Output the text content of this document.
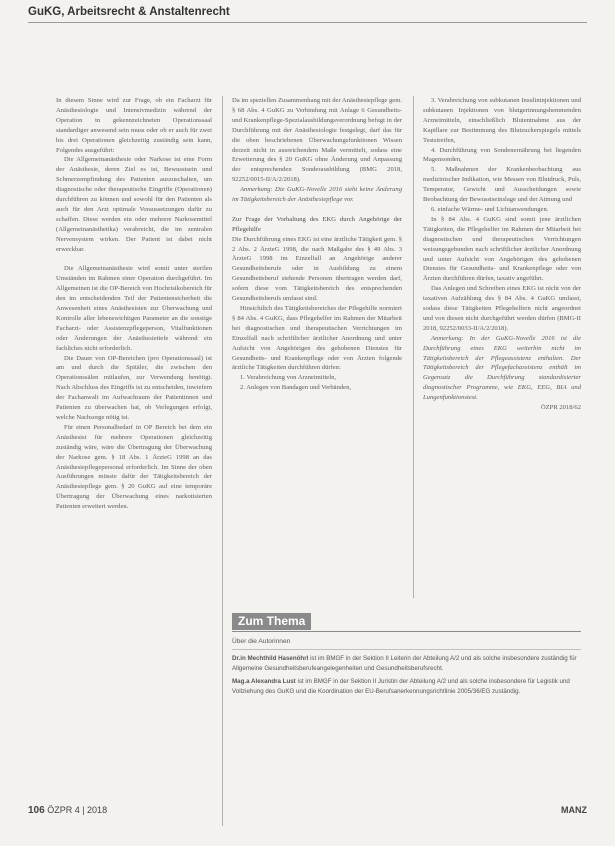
GuKG, Arbeitsrecht & Anstaltenrecht

In diesem Sinne wird zur Frage, ob ein Facharzt für Anästhesiologie und Intensivmedizin während der Operation in gekennzeichneten Operationssaal standardiger anwesend sein muss oder ob er auch für zwei bis drei Operationen gleichzeitig zuständig sein kann, Folgendes ausgeführt:

Die Allgemeinanästhesie oder Narkose ist eine Form der Anästhesie, deren Ziel es ist, Bewusstsein und Schmerzempfindung des Patienten auszuschalten, um diagnostische oder therapeutische Eingriffe (Operationen) durchführen zu können und sowohl für den Patienten als auch für den Arzt optimale Voraussetzungen dafür zu schaffen. Diese werden ein oder mehrere Narkosemittel (Allgemeinanästhetika) verabreicht, die im zentralen Nervensystem wirken. Der Patient ist dabei nicht erweckbar.

Die Allgemeinanästhesie wird somit unter sterilen Umständen im Rahmen einer Operation durchgeführt. Im Allgemeinen ist die OP-Bereich von Hochrisikobereich für den im entscheidenden Teil der Patientensicherheit die Anwesenheit eines Anästhesisten zur Überwachung und Kontrolle aller lebenswichtigen Parameter an die sonstige Facharzt- oder Assistenzpflegeperson, Vitalfunktionen oder Änderungen der Anästhesietiefe während ein fachliches nicht erforderlich.

Die Dauer von OP-Bereichen (pro Operationssaal) ist am und durch die Spitäler, die zwischen den Operationssälen mitlaufen, zur Verwendung benötigt. Nach Abschluss des Eingriffs ist zu entscheiden, inwiefern der Fachanwalt im Aufwachraum der Patientinnen und Patienten zu überwachen hat, ob Verlegungen erfolgt, welche Nachsorge nötig ist.

Für einen Personalbedarf in OP Bereich bei dem ein Anästhesist für mehrere Operationen gleichzeitig zuständig wäre, wäre die Übertragung der Überwachung der Narkose gem. § 18 Abs. 1 ÄrzteG 1998 an das Anästhesiepflegepersonal erforderlich. Im Sinne der oben Ausführungen müsste dafür der Tätigkeitsbereich der Anästhesiepflege gem. § 20 GuKG auf eine temporäre Übertragung der Überwachung eines narkotisierten Patienten erweitert werden.

Da im speziellen Zusammenhang mit der Anästhesiepflege gem. § 68 Abs. 4 GuKG zu Verbindung mit Anlage 6 Gesundheits- und Krankenpflege-Spezialausbildungsverordnung befugt in der Durchführung mit der Anästhesiologie festgelegt, darf das für die oben beschriebenen Überwachungsfunktionen Wissen derzeit nicht in ausreichendem Maße vermittelt, sodass eine Erweiterung des § 20 GuKG ohne Änderung und Anpassung der entsprechenden Sonderausbildung (BMG 2018, 92252/0015-II/A/2/2018).

Anmerkung: Die GuKG-Novelle 2016 sieht keine Änderung im Tätigkeitsbereich der Anästhesiepflege vor.

Zur Frage der Vorhaltung des EKG durch Angehörige der Pflegehilfe

Die Durchführung eines EKG ist eine ärztliche Tätigkeit gem. § 2 Abs. 2 ÄrzteG 1998, die nach Maßgabe des § 49 Abs. 3 ÄrzteG 1998 im Einzelfall an Angehörige anderer Gesundheitsberufe oder in Ausbildung zu einem Gesundheitsberuf stehende Personen übertragen werden darf, sofern diese vom Tätigkeitsbereich des entsprechenden Gesundheitsberufs umfasst sind.

Hinsichtlich des Tätigkeitsbereiches der Pflegehilfe normiert § 84 Abs. 4 GuKG, dass Pflegehelfer im Rahmen der Mitarbeit bei diagnostischen und therapeutischen Verrichtungen im Einzelfall nach schriftlicher ärztlicher Anordnung und unter Aufsicht von Angehörigen des gehobenen Dienstes für Gesundheits- und Krankenpflege oder von Ärzten folgende ärztliche Tätigkeiten durchführen dürfen:

1. Verabreichung von Arzneimitteln,

2. Anlegen von Bandagen und Verbänden,

3. Verabreichung von subkutanen Insulininjektionen und subkutanen Injektionen von blutgerinnungshemmenden Arzneimitteln, einschließlich Blutentnahme aus der Kapillare zur Bestimmung des Blutzuckerspiegels mittels Teststreifen,

4. Durchführung von Sondenernährung bei liegenden Magensonden,

5. Maßnahmen der Krankenbeobachtung aus medizinischer Indikation, wie Messen von Blutdruck, Puls, Temperatur, Gewicht und Ausscheidungen sowie Beobachtung der Bewusstseinslage und der Atmung und

6. einfache Wärme- und Lichtanwendungen.

In § 84 Abs. 4 GuKG sind somit jene ärztlichen Tätigkeiten, die Pflegehelfer im Rahmen der Mitarbeit bei diagnostischen und therapeutischen Verrichtungen weisungsgebunden nach schriftlicher ärztlicher Anordnung und unter Aufsicht von Angehörigen des gehobenen Dienstes für Gesundheits- und Krankenpflege oder von Ärzten durchführen dürfen, taxativ angeführt.

Das Anlegen und Schreiben eines EKG ist nicht von der taxativen Aufzählung des § 84 Abs. 4 GuKG umfasst, sodass diese Tätigkeiten Pflegehelfern nicht angeordnet und von diesen nicht durchgeführt werden dürfen (BMG-II 2018, 92252/0033-II/A/2/2018).

Anmerkung: In der GuKG-Novelle 2016 ist die Durchführung eines EKG weiterhin nicht im Tätigkeitsbereich der Pflegeassistenz enthalten. Der Tätigkeitsbereich der Pflegefachassistenz enthält im Gegensatz die Durchführung standardisierter diagnostischer Programme, wie EKG, EEG, BIA und Lungenfunktionstest.

ÖZPR 2018/62

Zum Thema
Über die Autorinnen
Dr.in Mechthild Hasenöhrl ist im BMGF in der Sektion II Leiterin der Abteilung A/2 und als solche insbesondere zuständig für Allgemeine Gesundheitsberufeangelegenheiten und Gesundheitsberufsrecht.
Mag.a Alexandra Lust ist im BMGF in der Sektion II Juristin der Abteilung A/2 und als solche insbesondere für Legistik und Vollziehung des GuKG und die Koordination der EU-Berufsanerkennungsrichtlinie 2005/36/EG zuständig.
106 ÖZPR 4 | 2018	MANZ
